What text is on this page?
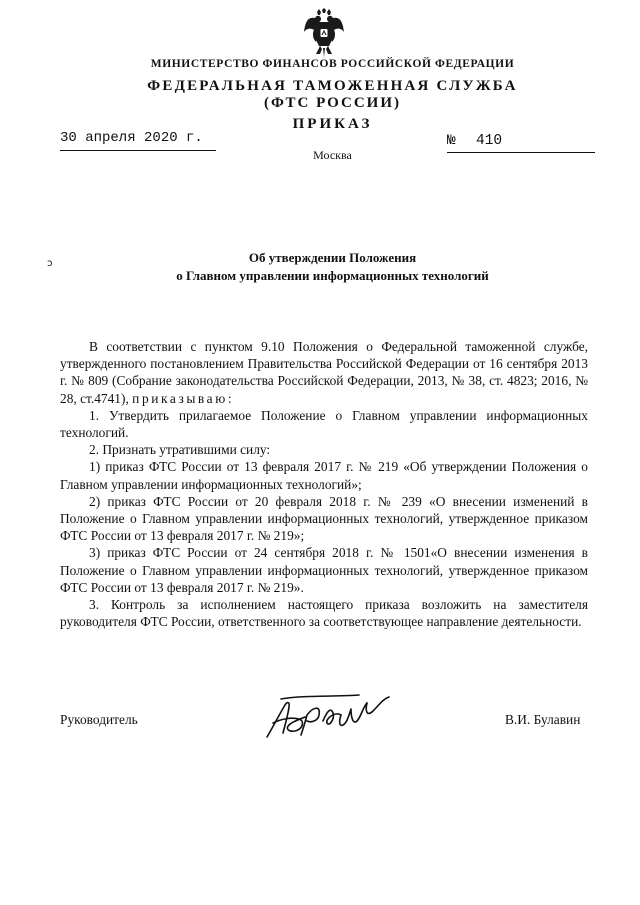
МИНИСТЕРСТВО ФИНАНСОВ РОССИЙСКОЙ ФЕДЕРАЦИИ
ФЕДЕРАЛЬНАЯ ТАМОЖЕННАЯ СЛУЖБА
(ФТС РОССИИ)
ПРИКАЗ
30 апреля 2020 г.	№ 410
Москва
ↄ	Об утверждении Положения
о Главном управлении информационных технологий

В соответствии с пунктом 9.10 Положения о Федеральной таможенной службе, утвержденного постановлением Правительства Российской Федерации от 16 сентября 2013 г. № 809 (Собрание законодательства Российской Федерации, 2013, № 38, ст. 4823; 2016, № 28, ст.4741), приказываю:

1. Утвердить прилагаемое Положение о Главном управлении информационных технологий.

2. Признать утратившими силу:

1) приказ ФТС России от 13 февраля 2017 г. № 219 «Об утверждении Положения о Главном управлении информационных технологий»;

2) приказ ФТС России от 20 февраля 2018 г. № 239 «О внесении изменений в Положение о Главном управлении информационных технологий, утвержденное приказом ФТС России от 13 февраля 2017 г. № 219»;

3) приказ ФТС России от 24 сентября 2018 г. № 1501«О внесении изменения в Положение о Главном управлении информационных технологий, утвержденное приказом ФТС России от 13 февраля 2017 г. № 219».

3. Контроль за исполнением настоящего приказа возложить на заместителя руководителя ФТС России, ответственного за соответствующее направление деятельности.

Руководитель	В.И. Булавин
